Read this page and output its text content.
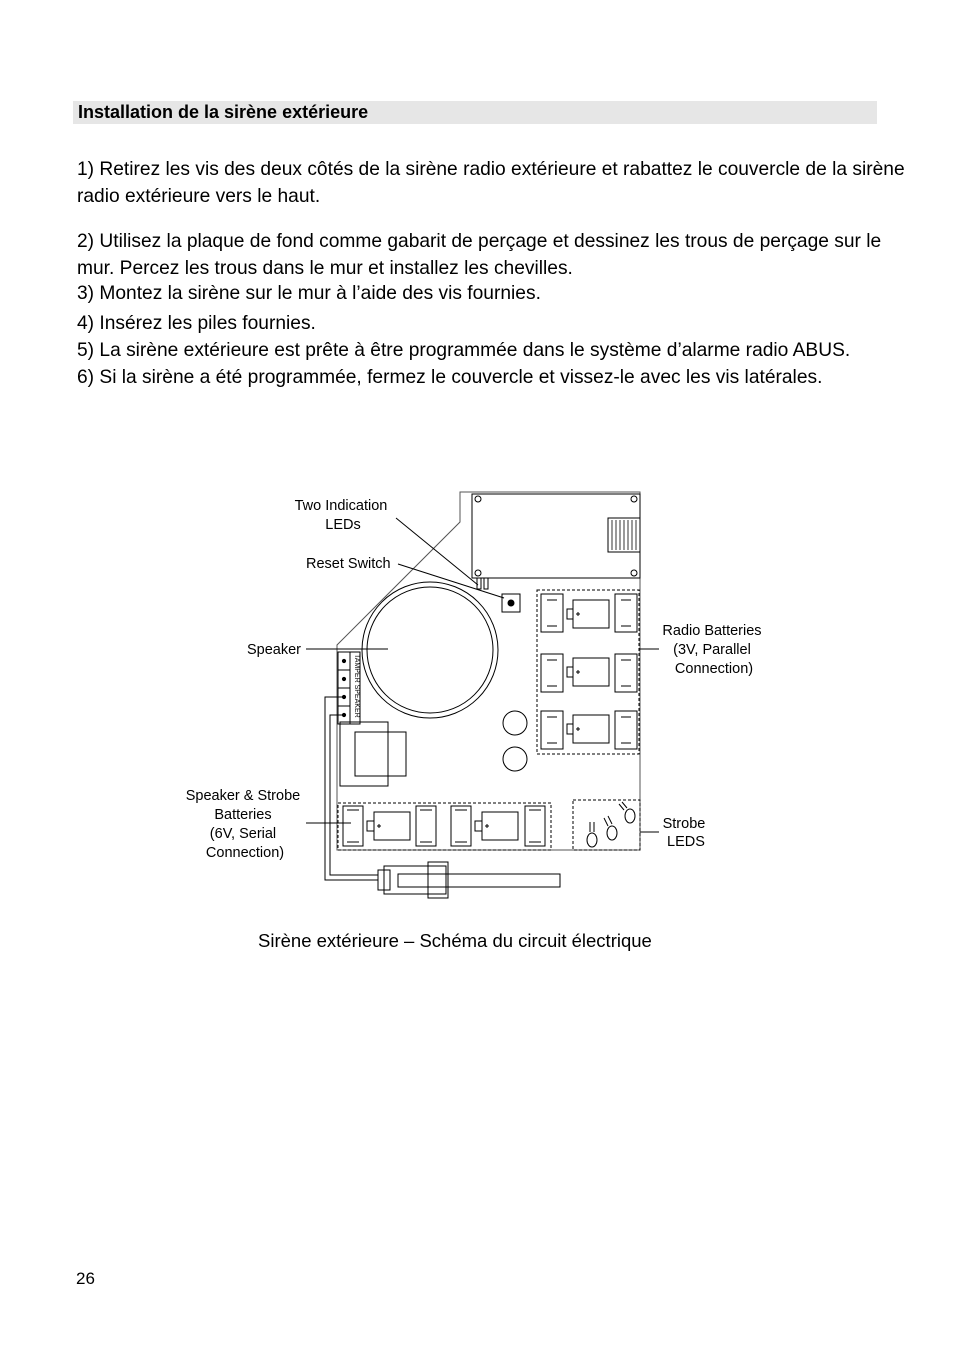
Installation de la sirène extérieure

1) Retirez les vis des deux côtés de la sirène radio extérieure et rabattez le couvercle de la sirène radio extérieure vers le haut.

2) Utilisez la plaque de fond comme gabarit de perçage et dessinez les trous de perçage sur le mur. Percez les trous dans le mur et installez les chevilles.

3) Montez la sirène sur le mur à l’aide des vis fournies.

4) Insérez les piles fournies.

5) La sirène extérieure est prête à être programmée dans le système d’alarme radio ABUS.

6) Si la sirène a été programmée, fermez le couvercle et vissez-le avec les vis latérales.

TAMPER SPEAKER
Two Indication LEDs
Reset Switch
Speaker
Radio Batteries (3V, Parallel Connection)
Speaker & Strobe Batteries (6V, Serial Connection)
Strobe LEDS
Sirène extérieure – Schéma du circuit électrique
26
